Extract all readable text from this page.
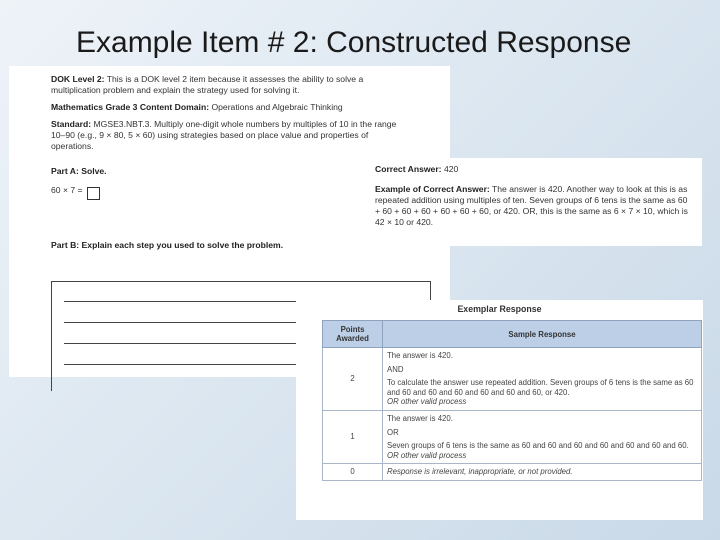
Example Item # 2: Constructed Response

DOK Level 2: This is a DOK level 2 item because it assesses the ability to solve a multiplication problem and explain the strategy used for solving it.

Mathematics Grade 3 Content Domain: Operations and Algebraic Thinking

Standard: MGSE3.NBT.3. Multiply one-digit whole numbers by multiples of 10 in the range 10–90 (e.g., 9 × 80, 5 × 60) using strategies based on place value and properties of operations.

Part A: Solve.

60 × 7 =

Part B: Explain each step you used to solve the problem.

Correct Answer: 420

Example of Correct Answer: The answer is 420. Another way to look at this is as repeated addition using multiples of ten. Seven groups of 6 tens is the same as 60 + 60 + 60 + 60 + 60 + 60 + 60, or 420. OR, this is the same as 6 × 7 × 10, which is 42 × 10 or 420.

Exemplar Response

Points Awarded	Sample Response
2	The answer is 420.

AND

To calculate the answer use repeated addition. Seven groups of 6 tens is the same as 60 and 60 and 60 and 60 and 60 and 60 and 60, or 420.

OR other valid process

1	The answer is 420.

OR

Seven groups of 6 tens is the same as 60 and 60 and 60 and 60 and 60 and 60 and 60.

OR other valid process

0	Response is irrelevant, inappropriate, or not provided.
